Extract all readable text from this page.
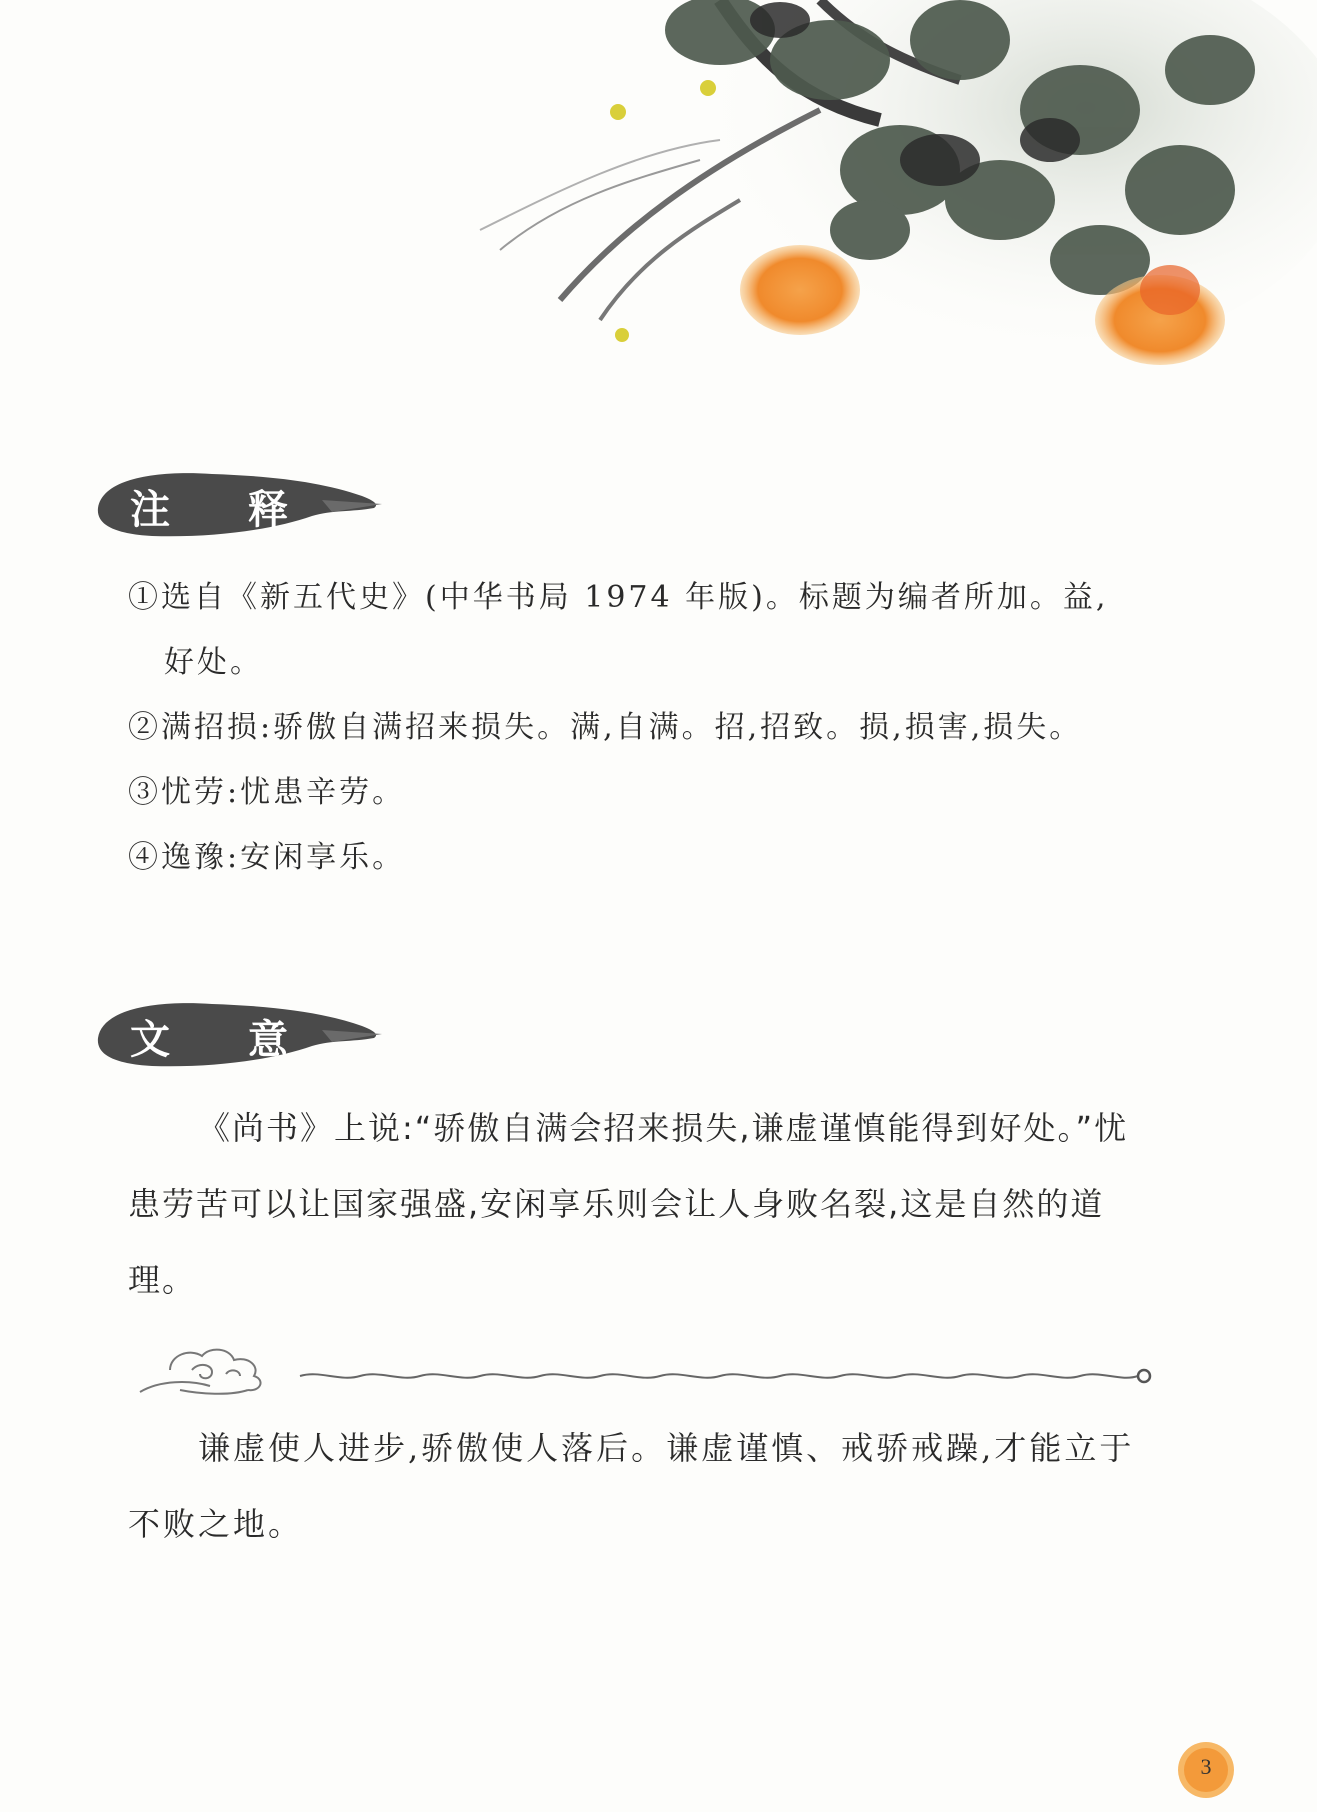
注 释
①选自《新五代史》(中华书局 1974 年版)。标题为编者所加。益,
好处。
②满招损:骄傲自满招来损失。满,自满。招,招致。损,损害,损失。
③忧劳:忧患辛劳。
④逸豫:安闲享乐。
文 意

《尚书》上说:“骄傲自满会招来损失,谦虚谨慎能得到好处。”忧患劳苦可以让国家强盛,安闲享乐则会让人身败名裂,这是自然的道理。

谦虚使人进步,骄傲使人落后。谦虚谨慎、戒骄戒躁,才能立于不败之地。

3
